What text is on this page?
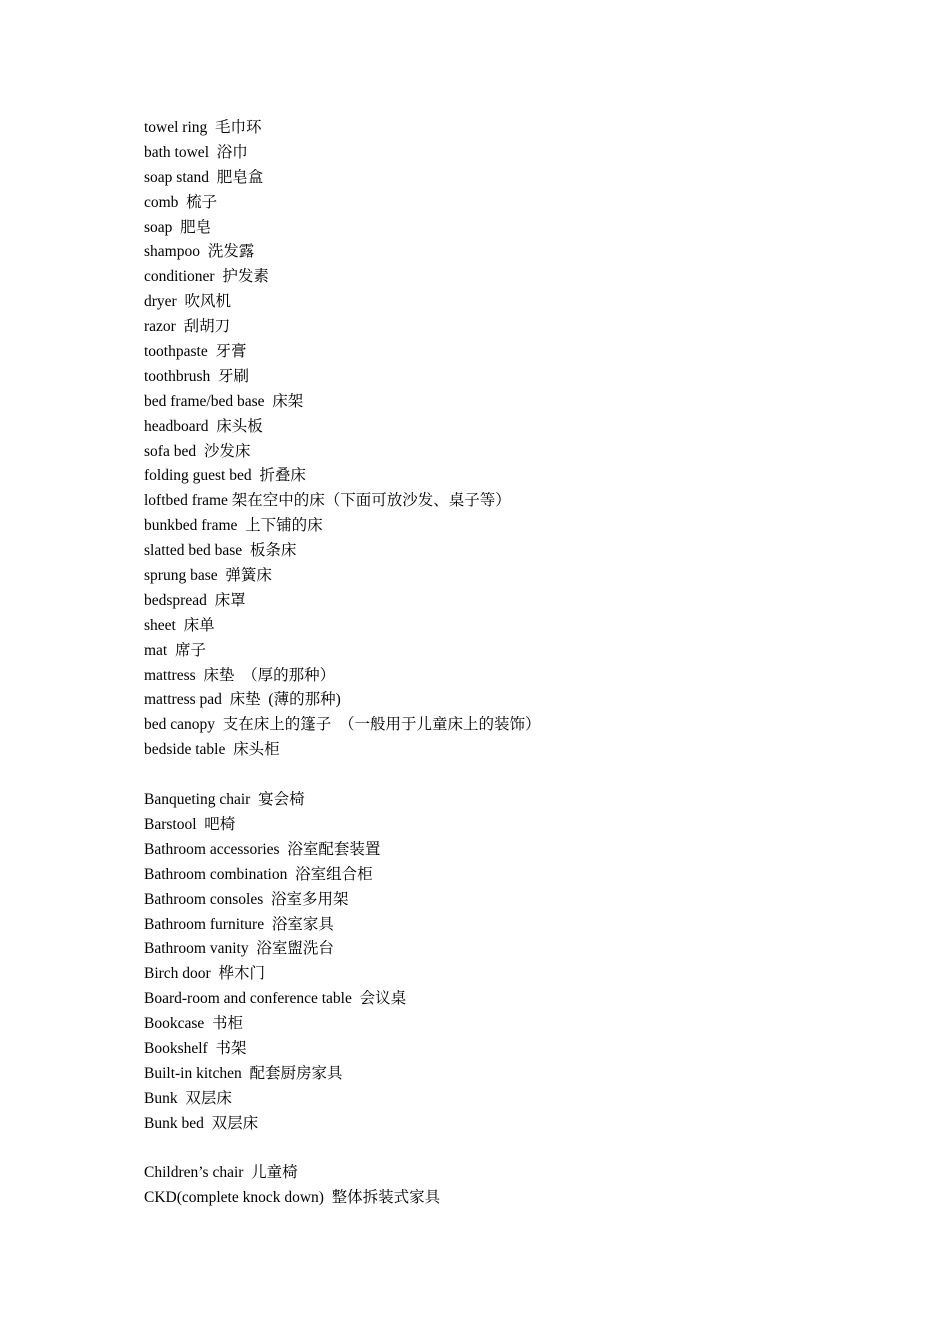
towel ring  毛巾环
bath towel  浴巾
soap stand  肥皂盒
comb  梳子
soap  肥皂
shampoo  洗发露
conditioner  护发素
dryer  吹风机
razor  刮胡刀
toothpaste  牙膏
toothbrush  牙刷
bed frame/bed base  床架
headboard  床头板
sofa bed  沙发床
folding guest bed  折叠床
loftbed frame 架在空中的床（下面可放沙发、桌子等）
bunkbed frame  上下铺的床
slatted bed base  板条床
sprung base  弹簧床
bedspread  床罩
sheet  床单
mat  席子
mattress  床垫  （厚的那种）
mattress pad  床垫  (薄的那种)
bed canopy  支在床上的篷子  （一般用于儿童床上的装饰）
bedside table  床头柜
Banqueting chair  宴会椅
Barstool  吧椅
Bathroom accessories  浴室配套装置
Bathroom combination  浴室组合柜
Bathroom consoles  浴室多用架
Bathroom furniture  浴室家具
Bathroom vanity  浴室盥洗台
Birch door  桦木门
Board-room and conference table  会议桌
Bookcase  书柜
Bookshelf  书架
Built-in kitchen  配套厨房家具
Bunk  双层床
Bunk bed  双层床
Children’s chair  儿童椅
CKD(complete knock down)  整体拆装式家具
